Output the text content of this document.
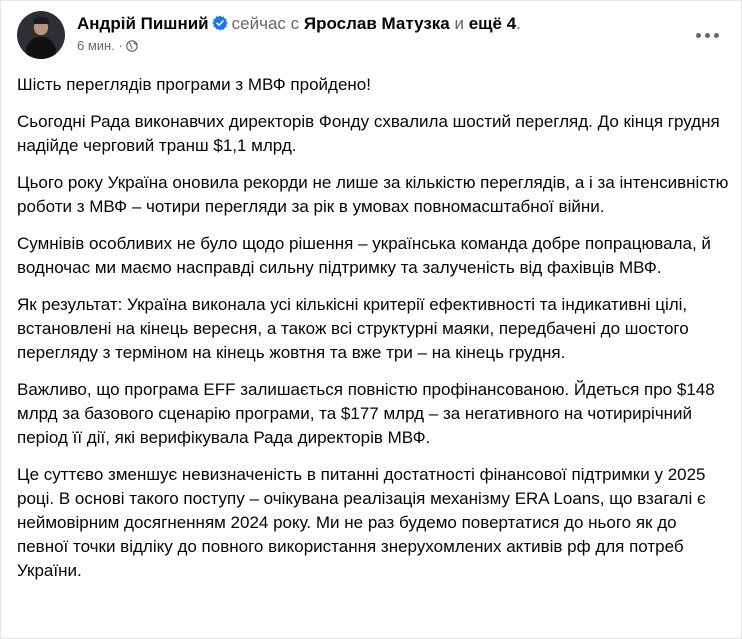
Андрій Пишний сейчас с Ярослав Матузка и ещё 4.
6 мин. ·

Шість переглядів програми з МВФ пройдено!

Сьогодні Рада виконавчих директорів Фонду схвалила шостий перегляд. До кінця грудня надійде черговий транш $1,1 млрд.

Цього року Україна оновила рекорди не лише за кількістю переглядів, а і за інтенсивністю роботи з МВФ – чотири перегляди за рік в умовах повномасштабної війни.

Сумнівів особливих не було щодо рішення – українська команда добре попрацювала, й водночас ми маємо насправді сильну підтримку та залученість від фахівців МВФ.

Як результат: Україна виконала усі кількісні критерії ефективності та індикативні цілі, встановлені на кінець вересня, а також всі структурні маяки, передбачені до шостого перегляду з терміном на кінець жовтня та вже три – на кінець грудня.

Важливо, що програма EFF залишається повністю профінансованою. Йдеться про $148 млрд за базового сценарію програми, та $177 млрд – за негативного на чотирирічний період її дії, які верифікувала Рада директорів МВФ.

Це суттєво зменшує невизначеність в питанні достатності фінансової підтримки у 2025 році. В основі такого поступу – очікувана реалізація механізму ERA Loans, що взагалі є неймовірним досягненням 2024 року. Ми не раз будемо повертатися до нього як до певної точки відліку до повного використання знерухомлених активів рф для потреб України.
